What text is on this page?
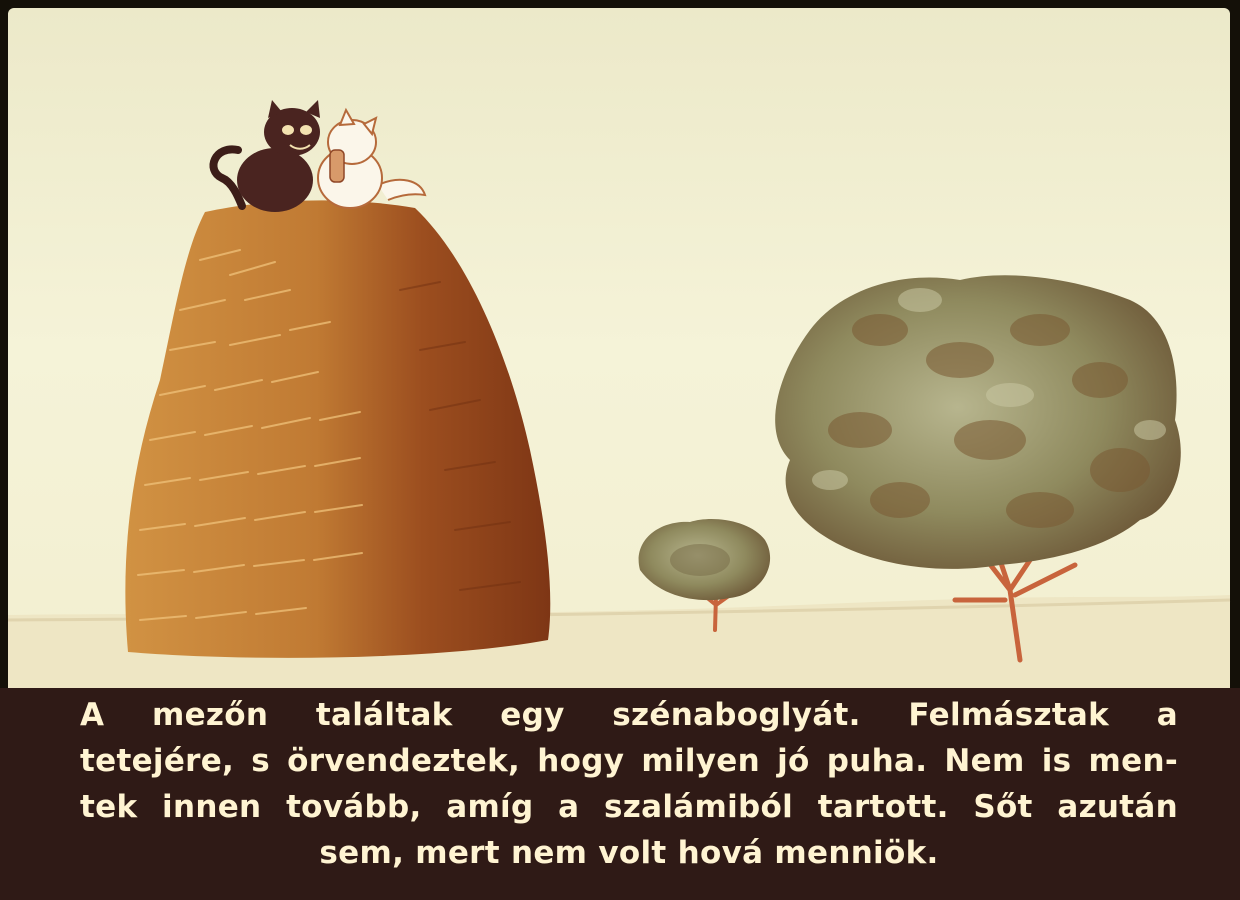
A mezőn találtak egy szénaboglyát. Felmásztak a
tetejére, s örvendeztek, hogy milyen jó puha. Nem is men-
tek innen tovább, amíg a szalámiból tartott. Sőt azután
sem, mert nem volt hová menniök.
